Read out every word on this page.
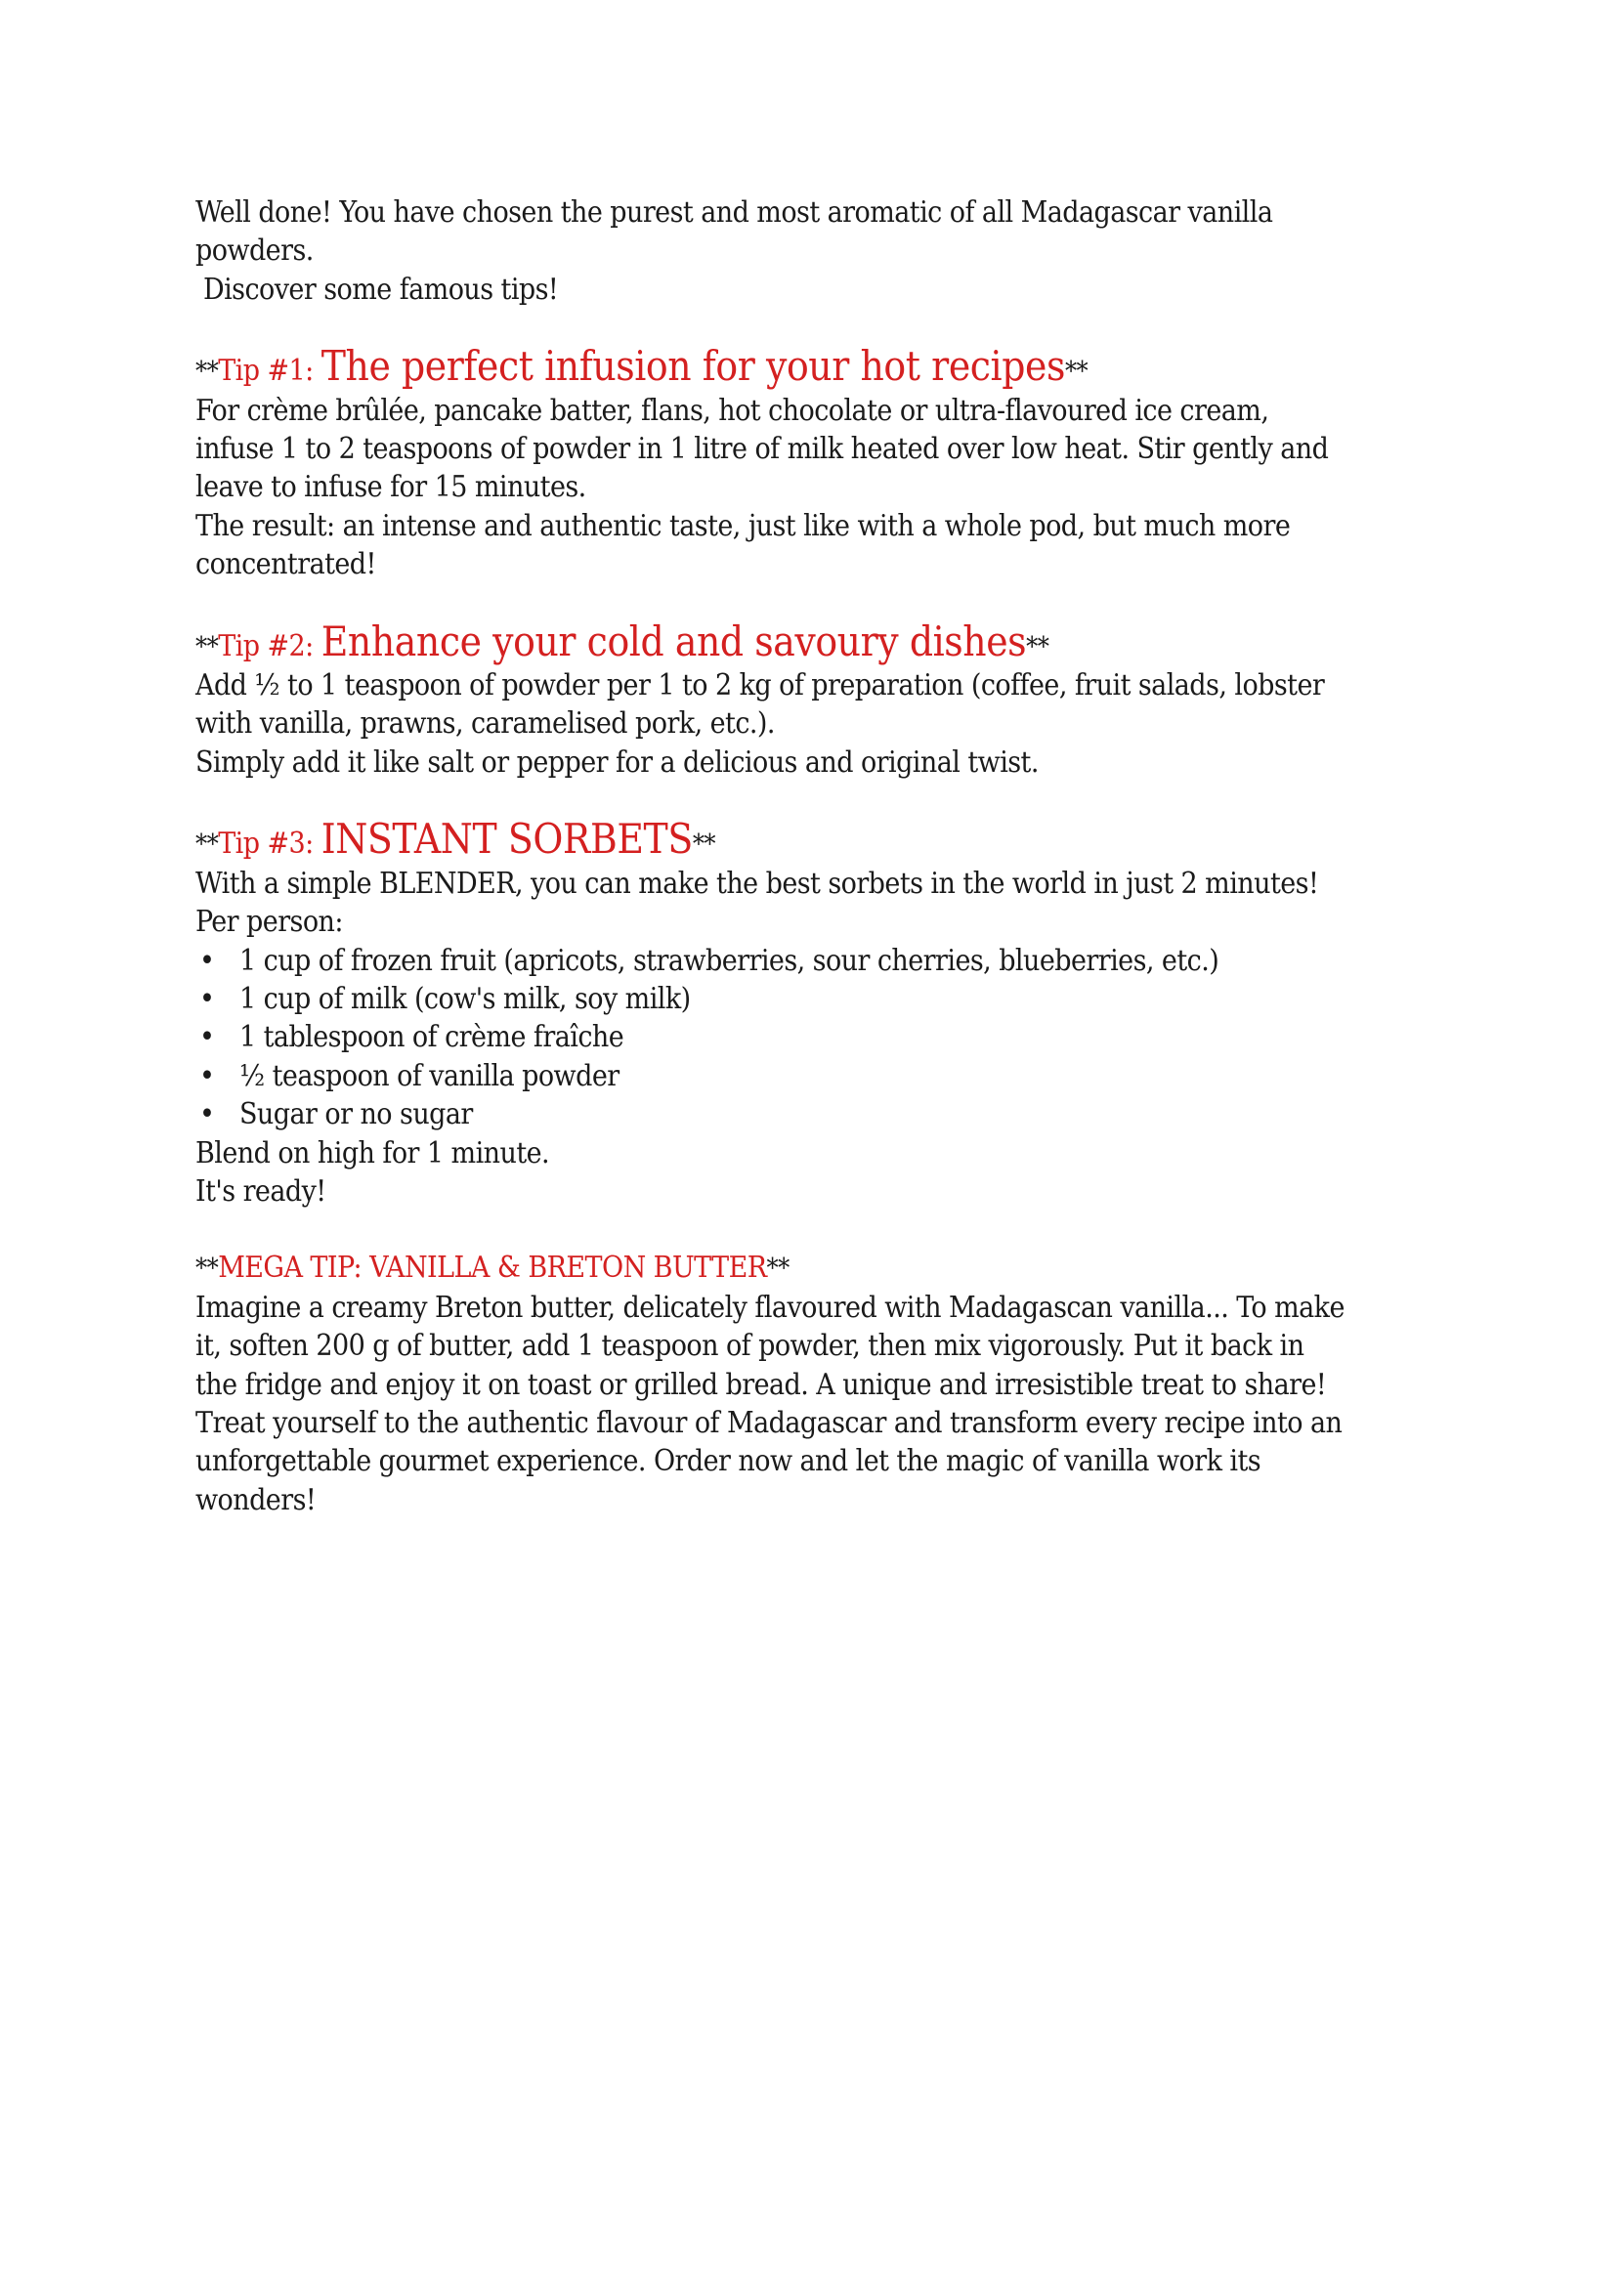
Well done! You have chosen the purest and most aromatic of all Madagascar vanilla
powders.
Discover some famous tips!
**Tip #1: The perfect infusion for your hot recipes**
For crème brûlée, pancake batter, flans, hot chocolate or ultra-flavoured ice cream,
infuse 1 to 2 teaspoons of powder in 1 litre of milk heated over low heat. Stir gently and
leave to infuse for 15 minutes.
The result: an intense and authentic taste, just like with a whole pod, but much more
concentrated!
**Tip #2: Enhance your cold and savoury dishes**
Add ½ to 1 teaspoon of powder per 1 to 2 kg of preparation (coffee, fruit salads, lobster
with vanilla, prawns, caramelised pork, etc.).
Simply add it like salt or pepper for a delicious and original twist.
**Tip #3: INSTANT SORBETS**
With a simple BLENDER, you can make the best sorbets in the world in just 2 minutes!
Per person:
• 1 cup of frozen fruit (apricots, strawberries, sour cherries, blueberries, etc.)
• 1 cup of milk (cow's milk, soy milk)
• 1 tablespoon of crème fraîche
• ½ teaspoon of vanilla powder
• Sugar or no sugar
Blend on high for 1 minute.
It's ready!
**MEGA TIP: VANILLA & BRETON BUTTER**
Imagine a creamy Breton butter, delicately flavoured with Madagascan vanilla... To make
it, soften 200 g of butter, add 1 teaspoon of powder, then mix vigorously. Put it back in
the fridge and enjoy it on toast or grilled bread. A unique and irresistible treat to share!
Treat yourself to the authentic flavour of Madagascar and transform every recipe into an
unforgettable gourmet experience. Order now and let the magic of vanilla work its
wonders!
